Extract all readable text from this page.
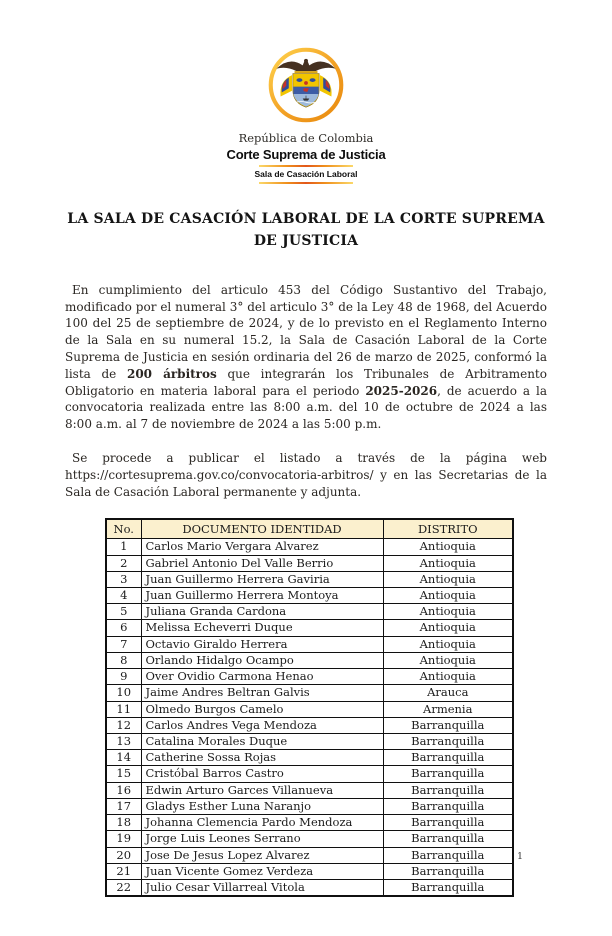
República de Colombia
Corte Suprema de Justicia
Sala de Casación Laboral
LA SALA DE CASACIÓN LABORAL DE LA CORTE SUPREMA DE JUSTICIA

En cumplimiento del articulo 453 del Código Sustantivo del Trabajo, modificado por el numeral 3° del articulo 3° de la Ley 48 de 1968, del Acuerdo 100 del 25 de septiembre de 2024, y de lo previsto en el Reglamento Interno de la Sala en su numeral 15.2, la Sala de Casación Laboral de la Corte Suprema de Justicia en sesión ordinaria del 26 de marzo de 2025, conformó la lista de 200 árbitros que integrarán los Tribunales de Arbitramento Obligatorio en materia laboral para el periodo 2025-2026, de acuerdo a la convocatoria realizada entre las 8:00 a.m. del 10 de octubre de 2024 a las 8:00 a.m. al 7 de noviembre de 2024 a las 5:00 p.m.

Se procede a publicar el listado a través de la página web https://cortesuprema.gov.co/convocatoria-arbitros/ y en las Secretarias de la Sala de Casación Laboral permanente y adjunta.

No.	DOCUMENTO IDENTIDAD	DISTRITO
1	Carlos Mario Vergara Alvarez	Antioquia
2	Gabriel Antonio Del Valle Berrio	Antioquia
3	Juan Guillermo Herrera Gaviria	Antioquia
4	Juan Guillermo Herrera Montoya	Antioquia
5	Juliana Granda Cardona	Antioquia
6	Melissa Echeverri Duque	Antioquia
7	Octavio Giraldo Herrera	Antioquia
8	Orlando Hidalgo Ocampo	Antioquia
9	Over Ovidio Carmona Henao	Antioquia
10	Jaime Andres Beltran Galvis	Arauca
11	Olmedo Burgos Camelo	Armenia
12	Carlos Andres Vega Mendoza	Barranquilla
13	Catalina Morales Duque	Barranquilla
14	Catherine Sossa Rojas	Barranquilla
15	Cristóbal Barros Castro	Barranquilla
16	Edwin Arturo Garces Villanueva	Barranquilla
17	Gladys Esther Luna Naranjo	Barranquilla
18	Johanna Clemencia Pardo Mendoza	Barranquilla
19	Jorge Luis Leones Serrano	Barranquilla
20	Jose De Jesus Lopez Alvarez	Barranquilla
21	Juan Vicente Gomez Verdeza	Barranquilla
22	Julio Cesar Villarreal Vitola	Barranquilla
1
